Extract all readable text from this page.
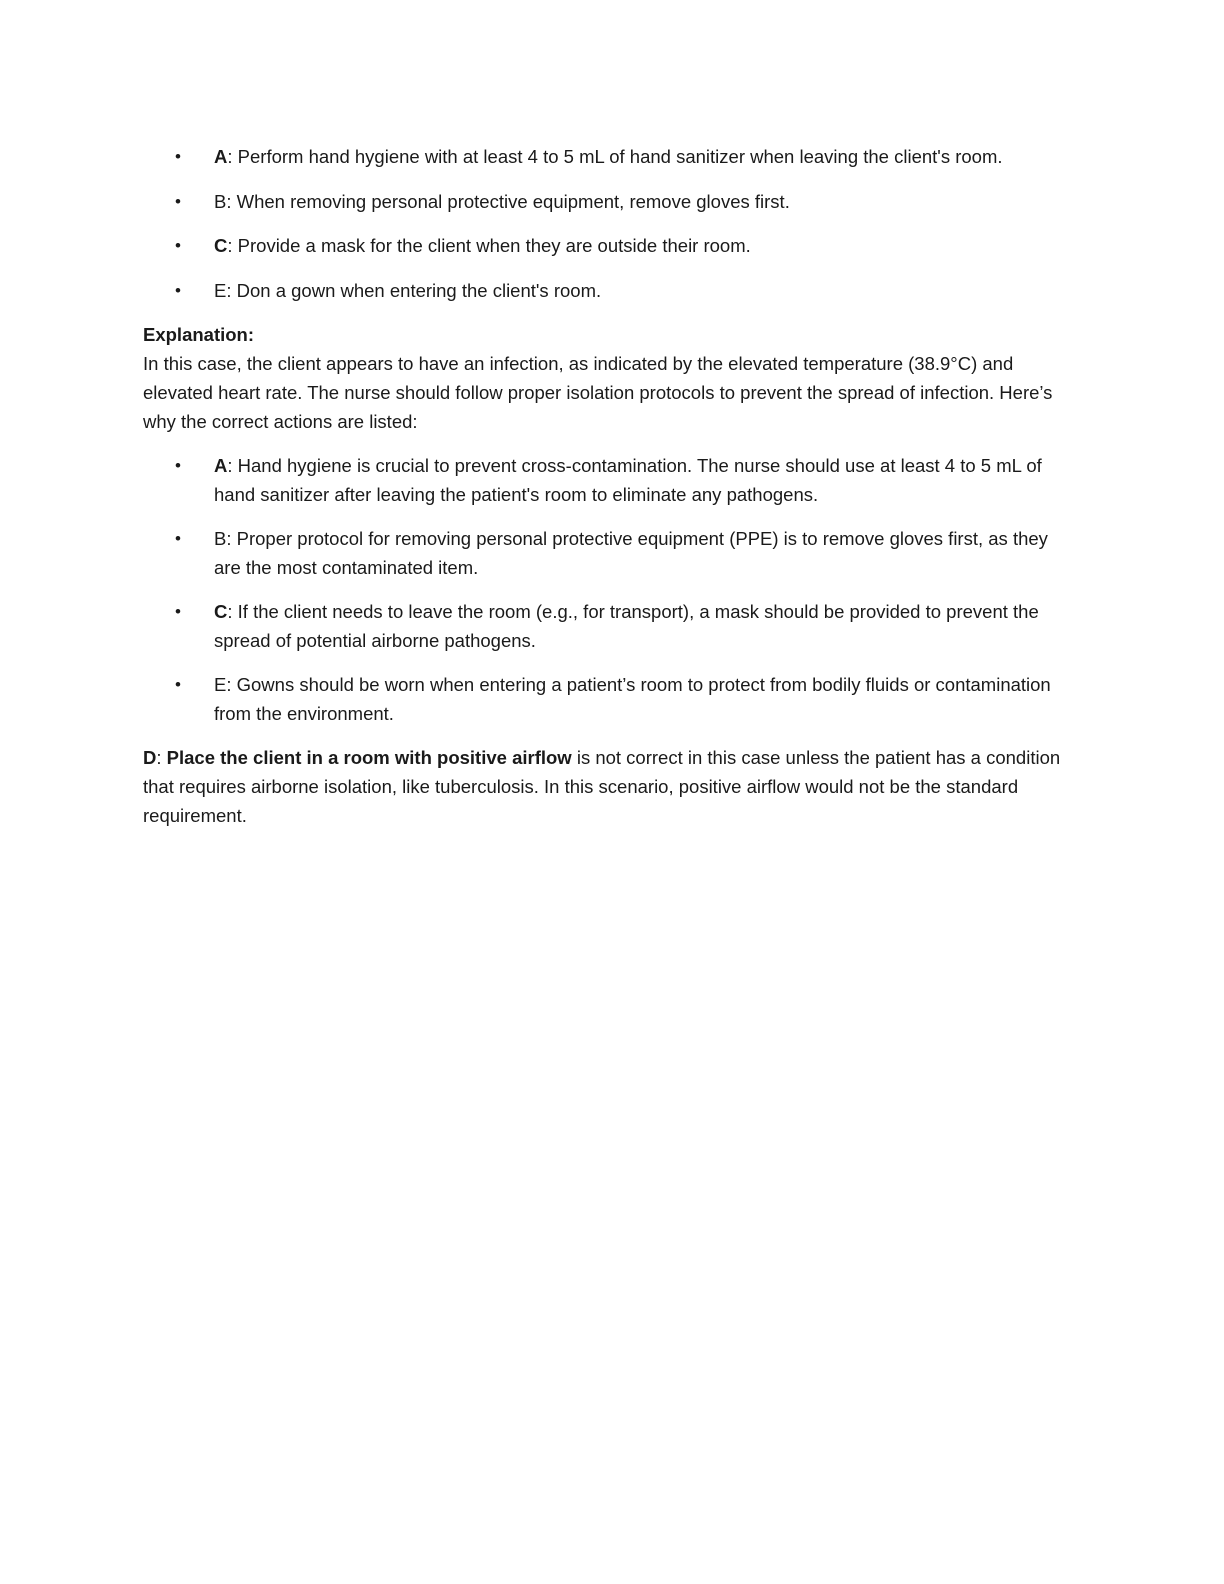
• A: Perform hand hygiene with at least 4 to 5 mL of hand sanitizer when leaving the client's room.
• B: When removing personal protective equipment, remove gloves first.
• C: Provide a mask for the client when they are outside their room.
• E: Don a gown when entering the client's room.
Explanation:

In this case, the client appears to have an infection, as indicated by the elevated temperature (38.9°C) and elevated heart rate. The nurse should follow proper isolation protocols to prevent the spread of infection. Here’s why the correct actions are listed:

• A: Hand hygiene is crucial to prevent cross-contamination. The nurse should use at least 4 to 5 mL of hand sanitizer after leaving the patient's room to eliminate any pathogens.
• B: Proper protocol for removing personal protective equipment (PPE) is to remove gloves first, as they are the most contaminated item.
• C: If the client needs to leave the room (e.g., for transport), a mask should be provided to prevent the spread of potential airborne pathogens.
• E: Gowns should be worn when entering a patient’s room to protect from bodily fluids or contamination from the environment.

D: Place the client in a room with positive airflow is not correct in this case unless the patient has a condition that requires airborne isolation, like tuberculosis. In this scenario, positive airflow would not be the standard requirement.
